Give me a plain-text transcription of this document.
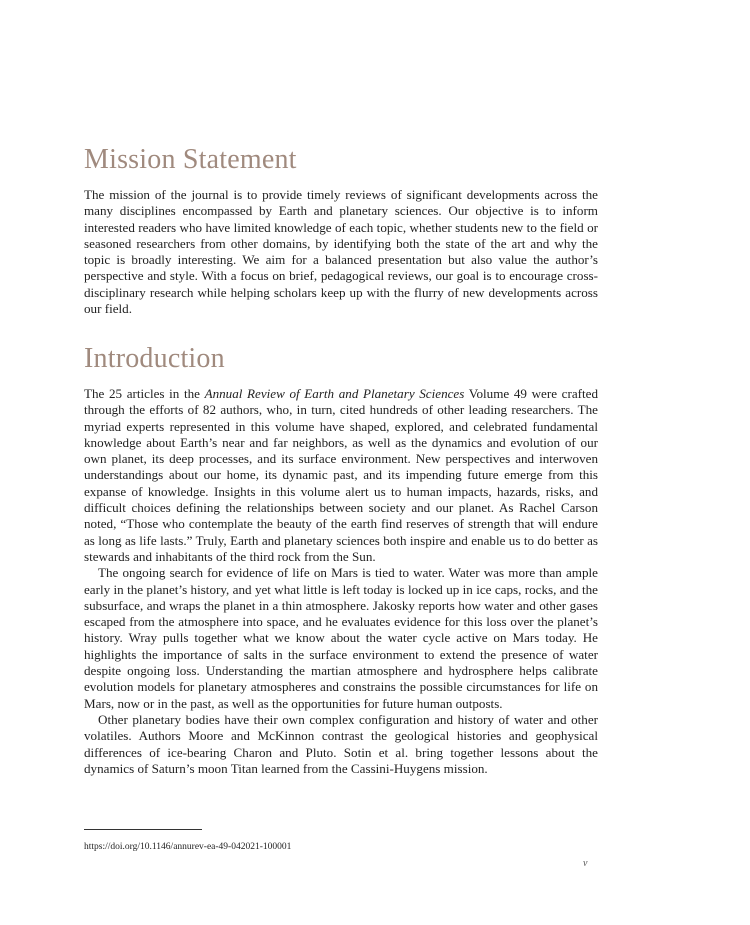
Mission Statement

The mission of the journal is to provide timely reviews of significant developments across the many disciplines encompassed by Earth and planetary sciences. Our objective is to inform interested readers who have limited knowledge of each topic, whether students new to the field or seasoned researchers from other domains, by identifying both the state of the art and why the topic is broadly interesting. We aim for a balanced presentation but also value the author’s perspective and style. With a focus on brief, pedagogical reviews, our goal is to encourage cross-disciplinary research while helping scholars keep up with the flurry of new developments across our field.

Introduction

The 25 articles in the Annual Review of Earth and Planetary Sciences Volume 49 were crafted through the efforts of 82 authors, who, in turn, cited hundreds of other leading researchers. The myriad experts represented in this volume have shaped, explored, and celebrated fundamental knowledge about Earth’s near and far neighbors, as well as the dynamics and evolution of our own planet, its deep processes, and its surface environment. New perspectives and interwoven understandings about our home, its dynamic past, and its impending future emerge from this expanse of knowledge. Insights in this volume alert us to human impacts, hazards, risks, and difficult choices defining the relationships between society and our planet. As Rachel Carson noted, “Those who contemplate the beauty of the earth find reserves of strength that will endure as long as life lasts.” Truly, Earth and planetary sciences both inspire and enable us to do better as stewards and inhabitants of the third rock from the Sun.

The ongoing search for evidence of life on Mars is tied to water. Water was more than ample early in the planet’s history, and yet what little is left today is locked up in ice caps, rocks, and the subsurface, and wraps the planet in a thin atmosphere. Jakosky reports how water and other gases escaped from the atmosphere into space, and he evaluates evidence for this loss over the planet’s history. Wray pulls together what we know about the water cycle active on Mars today. He highlights the importance of salts in the surface environment to extend the presence of water despite ongoing loss. Understanding the martian atmosphere and hydrosphere helps calibrate evolution models for planetary atmospheres and constrains the possible circumstances for life on Mars, now or in the past, as well as the opportunities for future human outposts.

Other planetary bodies have their own complex configuration and history of water and other volatiles. Authors Moore and McKinnon contrast the geological histories and geophysical differences of ice-bearing Charon and Pluto. Sotin et al. bring together lessons about the dynamics of Saturn’s moon Titan learned from the Cassini-Huygens mission.

https://doi.org/10.1146/annurev-ea-49-042021-100001
v
